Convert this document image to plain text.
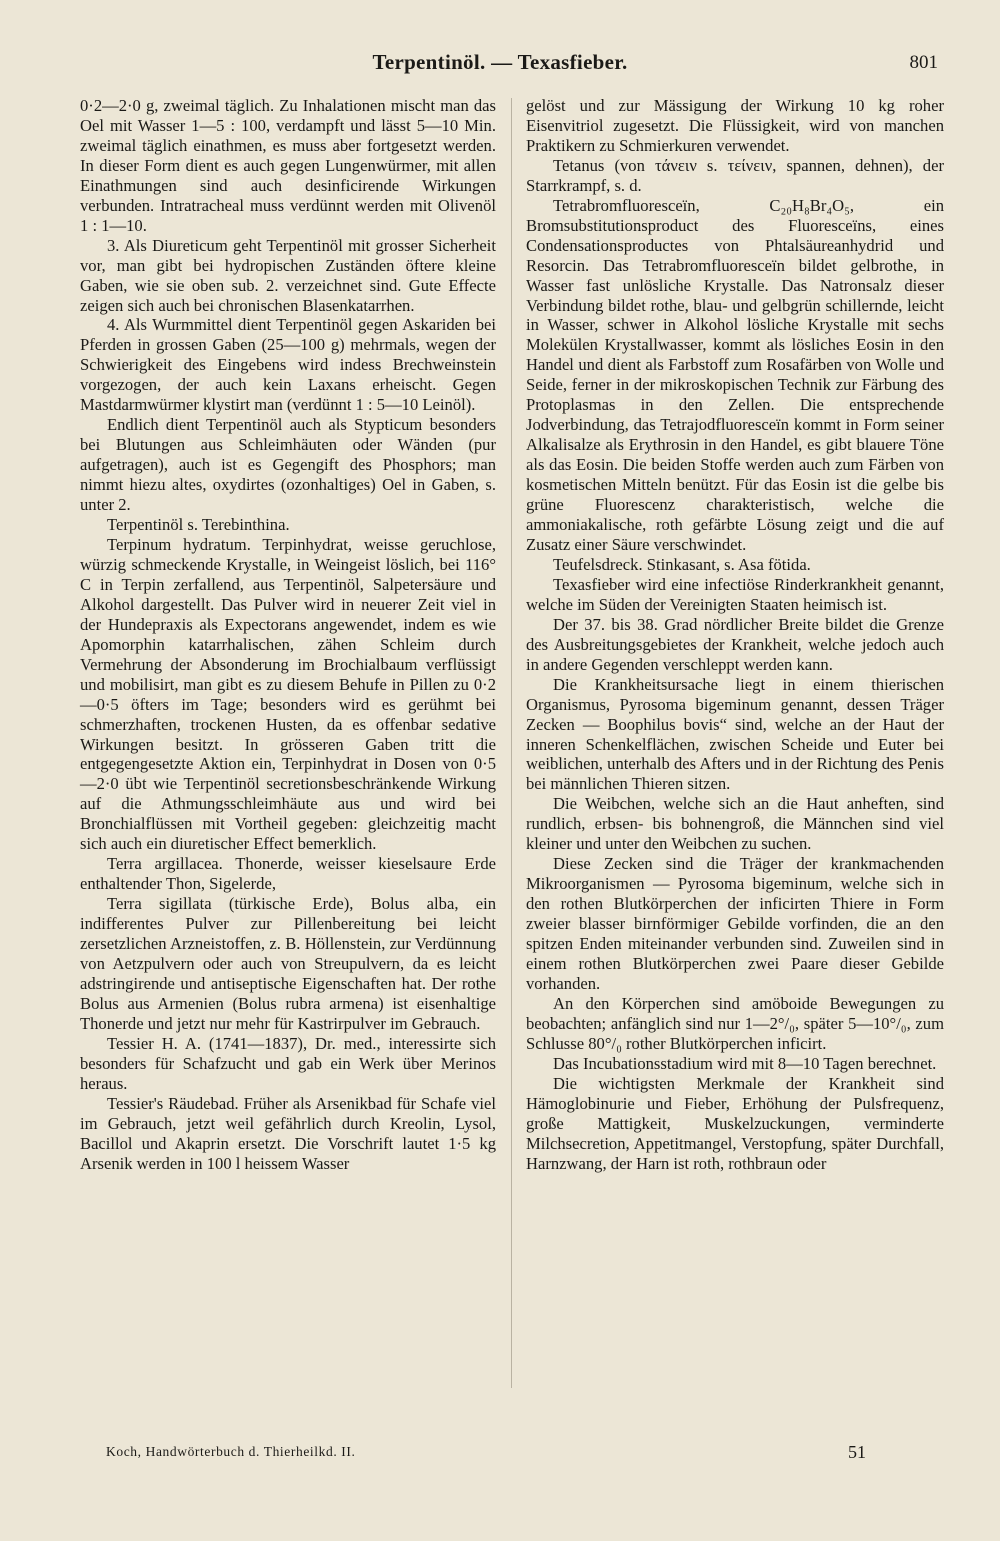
Terpentinöl. — Texasfieber.	801

0·2—2·0 g, zweimal täglich. Zu Inhalationen mischt man das Oel mit Wasser 1—5 : 100, verdampft und lässt 5—10 Min. zweimal täglich einathmen, es muss aber fortgesetzt werden. In dieser Form dient es auch gegen Lungenwürmer, mit allen Einathmungen sind auch desinficirende Wirkungen verbunden. Intratracheal muss verdünnt werden mit Olivenöl 1 : 1—10.

3. Als Diureticum geht Terpentinöl mit grosser Sicherheit vor, man gibt bei hydropischen Zuständen öftere kleine Gaben, wie sie oben sub. 2. verzeichnet sind. Gute Effecte zeigen sich auch bei chronischen Blasenkatarrhen.

4. Als Wurmmittel dient Terpentinöl gegen Askariden bei Pferden in grossen Gaben (25—100 g) mehrmals, wegen der Schwierigkeit des Eingebens wird indess Brechweinstein vorgezogen, der auch kein Laxans erheischt. Gegen Mastdarmwürmer klystirt man (verdünnt 1 : 5—10 Leinöl).

Endlich dient Terpentinöl auch als Stypticum besonders bei Blutungen aus Schleimhäuten oder Wänden (pur aufgetragen), auch ist es Gegengift des Phosphors; man nimmt hiezu altes, oxydirtes (ozonhaltiges) Oel in Gaben, s. unter 2.

Terpentinöl s. Terebinthina.

Terpinum hydratum. Terpinhydrat, weisse geruchlose, würzig schmeckende Krystalle, in Weingeist löslich, bei 116° C in Terpin zerfallend, aus Terpentinöl, Salpetersäure und Alkohol dargestellt. Das Pulver wird in neuerer Zeit viel in der Hundepraxis als Expectorans angewendet, indem es wie Apomorphin katarrhalischen, zähen Schleim durch Vermehrung der Absonderung im Brochialbaum verflüssigt und mobilisirt, man gibt es zu diesem Behufe in Pillen zu 0·2—0·5 öfters im Tage; besonders wird es gerühmt bei schmerzhaften, trockenen Husten, da es offenbar sedative Wirkungen besitzt. In grösseren Gaben tritt die entgegengesetzte Aktion ein, Terpinhydrat in Dosen von 0·5—2·0 übt wie Terpentinöl secretionsbeschränkende Wirkung auf die Athmungsschleimhäute aus und wird bei Bronchialflüssen mit Vortheil gegeben: gleichzeitig macht sich auch ein diuretischer Effect bemerklich.

Terra argillacea. Thonerde, weisser kieselsaure Erde enthaltender Thon, Sigelerde,

Terra sigillata (türkische Erde), Bolus alba, ein indifferentes Pulver zur Pillenbereitung bei leicht zersetzlichen Arzneistoffen, z. B. Höllenstein, zur Verdünnung von Aetzpulvern oder auch von Streupulvern, da es leicht adstringirende und antiseptische Eigenschaften hat. Der rothe Bolus aus Armenien (Bolus rubra armena) ist eisenhaltige Thonerde und jetzt nur mehr für Kastrirpulver im Gebrauch.

Tessier H. A. (1741—1837), Dr. med., interessirte sich besonders für Schafzucht und gab ein Werk über Merinos heraus.

Tessier's Räudebad. Früher als Arsenikbad für Schafe viel im Gebrauch, jetzt weil gefährlich durch Kreolin, Lysol, Bacillol und Akaprin ersetzt. Die Vorschrift lautet 1·5 kg Arsenik werden in 100 l heissem Wasser

gelöst und zur Mässigung der Wirkung 10 kg roher Eisenvitriol zugesetzt. Die Flüssigkeit, wird von manchen Praktikern zu Schmierkuren verwendet.

Tetanus (von τάνειν s. τείνειν, spannen, dehnen), der Starrkrampf, s. d.

Tetrabromfluoresceïn, C₂₀H₈Br₄O₅, ein Bromsubstitutionsproduct des Fluoresceïns, eines Condensationsproductes von Phtalsäureanhydrid und Resorcin. Das Tetrabromfluoresceïn bildet gelbrothe, in Wasser fast unlösliche Krystalle. Das Natronsalz dieser Verbindung bildet rothe, blau- und gelbgrün schillernde, leicht in Wasser, schwer in Alkohol lösliche Krystalle mit sechs Molekülen Krystallwasser, kommt als lösliches Eosin in den Handel und dient als Farbstoff zum Rosafärben von Wolle und Seide, ferner in der mikroskopischen Technik zur Färbung des Protoplasmas in den Zellen. Die entsprechende Jodverbindung, das Tetrajodfluoresceïn kommt in Form seiner Alkalisalze als Erythrosin in den Handel, es gibt blauere Töne als das Eosin. Die beiden Stoffe werden auch zum Färben von kosmetischen Mitteln benützt. Für das Eosin ist die gelbe bis grüne Fluorescenz charakteristisch, welche die ammoniakalische, roth gefärbte Lösung zeigt und die auf Zusatz einer Säure verschwindet.

Teufelsdreck. Stinkasant, s. Asa fötida.

Texasfieber wird eine infectiöse Rinderkrankheit genannt, welche im Süden der Vereinigten Staaten heimisch ist.

Der 37. bis 38. Grad nördlicher Breite bildet die Grenze des Ausbreitungsgebietes der Krankheit, welche jedoch auch in andere Gegenden verschleppt werden kann.

Die Krankheitsursache liegt in einem thierischen Organismus, Pyrosoma bigeminum genannt, dessen Träger Zecken — Boophilus bovis“ sind, welche an der Haut der inneren Schenkelflächen, zwischen Scheide und Euter bei weiblichen, unterhalb des Afters und in der Richtung des Penis bei männlichen Thieren sitzen.

Die Weibchen, welche sich an die Haut anheften, sind rundlich, erbsen- bis bohnengroß, die Männchen sind viel kleiner und unter den Weibchen zu suchen.

Diese Zecken sind die Träger der krankmachenden Mikroorganismen — Pyrosoma bigeminum, welche sich in den rothen Blutkörperchen der inficirten Thiere in Form zweier blasser birnförmiger Gebilde vorfinden, die an den spitzen Enden miteinander verbunden sind. Zuweilen sind in einem rothen Blutkörperchen zwei Paare dieser Gebilde vorhanden.

An den Körperchen sind amöboide Bewegungen zu beobachten; anfänglich sind nur 1—2°/₀, später 5—10°/₀, zum Schlusse 80°/₀ rother Blutkörperchen inficirt.

Das Incubationsstadium wird mit 8—10 Tagen berechnet.

Die wichtigsten Merkmale der Krankheit sind Hämoglobinurie und Fieber, Erhöhung der Pulsfrequenz, große Mattigkeit, Muskelzuckungen, verminderte Milchsecretion, Appetitmangel, Verstopfung, später Durchfall, Harnzwang, der Harn ist roth, rothbraun oder

Koch, Handwörterbuch d. Thierheilkd. II.	51
